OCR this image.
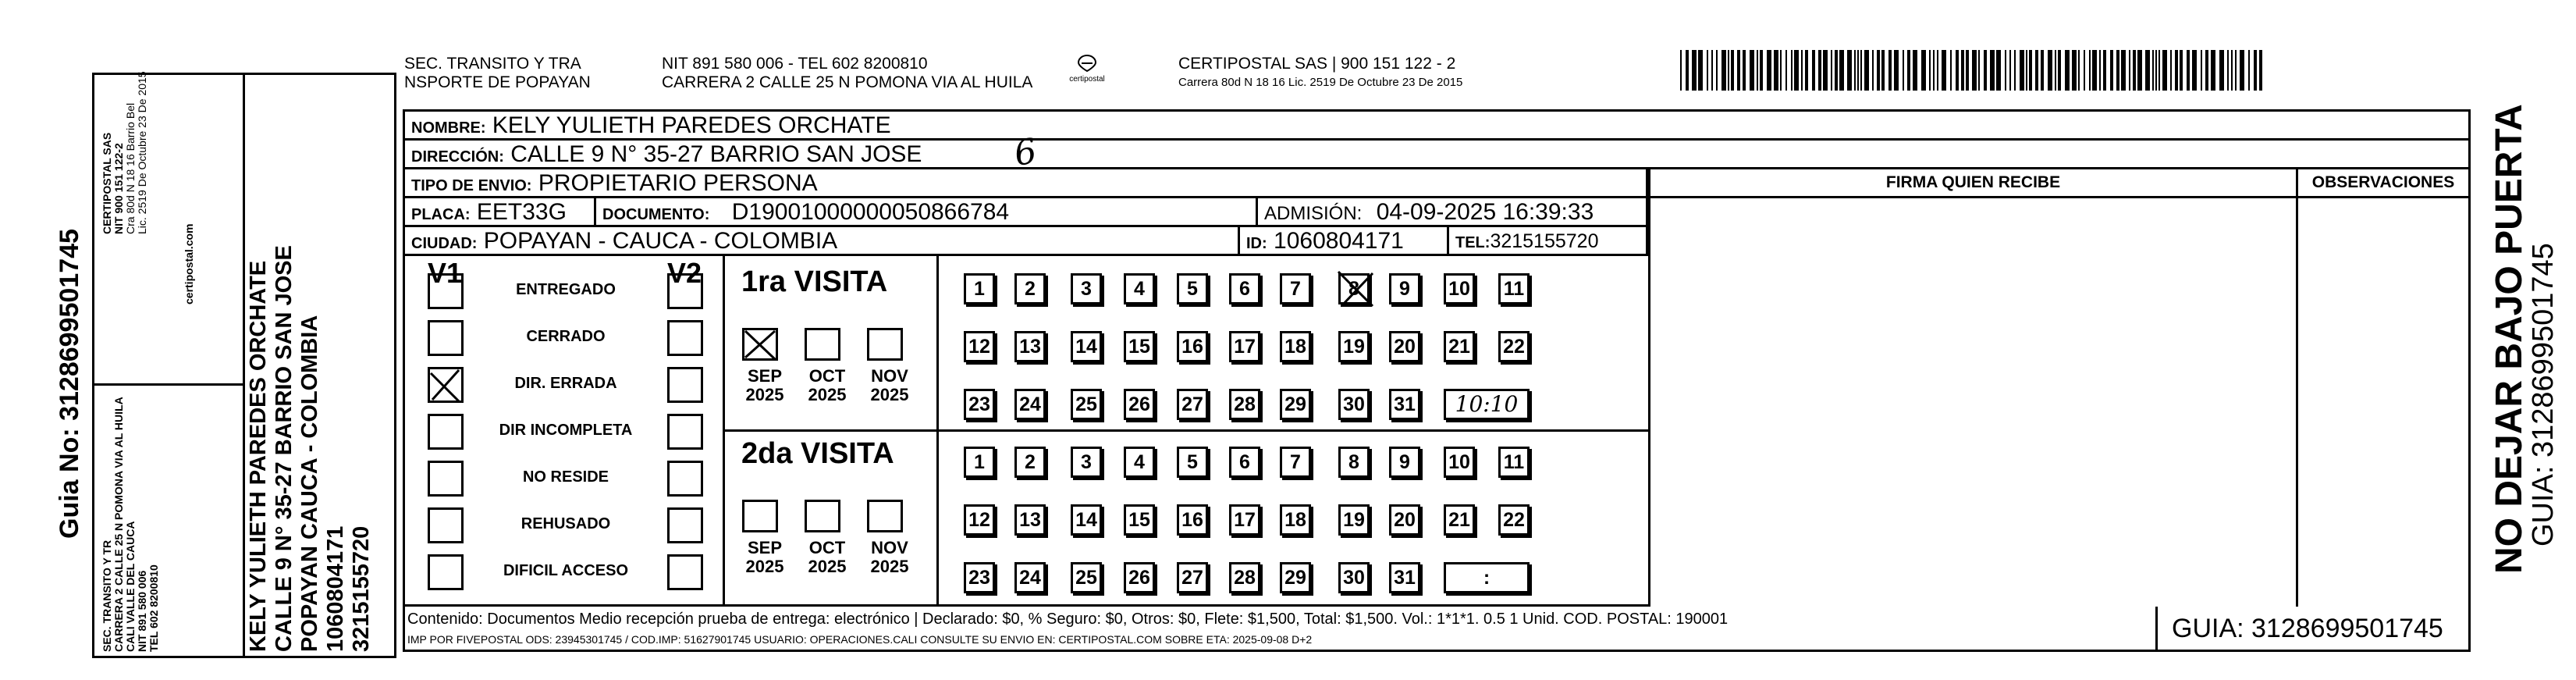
Guia No: 3128699501745
SEC. TRANSITO Y TR CARRERA 2 CALLE 25 N POMONA VIA AL HUILA CALI VALLE DEL CAUCA NIT 891 580 006 TEL 602 8200810
CERTIPOSTAL SAS NIT 900 151 122-2 Cra 80d N 18 16 Barrio Bel Lic. 2519 De Octubre 23 De 2015
certipostal.com KELY YULIETH PAREDES ORCHATE CALLE 9 N° 35-27 BARRIO SAN JOSE POPAYAN CAUCA - COLOMBIA 1060804171 3215155720
SEC. TRANSITO Y TRA
NSPORTE DE POPAYAN
NIT 891 580 006 - TEL 602 8200810
CARRERA 2 CALLE 25 N POMONA VIA AL HUILA	certipostal
CERTIPOSTAL SAS | 900 151 122 - 2
Carrera 80d N 18 16 Lic. 2519 De Octubre 23 De 2015
NOMBRE: KELY YULIETH PAREDES ORCHATE
DIRECCIÓN: CALLE 9 N° 35-27 BARRIO SAN JOSE	6
TIPO DE ENVIO: PROPIETARIO PERSONA
PLACA: EET33G	DOCUMENTO: D19001000000050866784	ADMISIÓN: 04-09-2025 16:39:33
CIUDAD: POPAYAN - CAUCA - COLOMBIA	ID: 1060804171	TEL:3215155720
FIRMA QUIEN RECIBE	OBSERVACIONES
V1	V2
ENTREGADO
CERRADO
DIR. ERRADA
DIR INCOMPLETA
NO RESIDE
REHUSADO
DIFICIL ACCESO
1ra VISITA
2da VISITA
SEP
2025
OCT
2025
NOV
2025
SEP
2025
OCT
2025
NOV
2025
1	2	3	4	5	6	7	8	9	10 11
12 13 14 15 16 17 18 19 20 21 22
23 24 25 26 27 28 29 30 31	10:10
1	2	3	4	5	6	7	8	9	10 11
12 13 14 15 16 17 18 19 20 21 22
23 24 25 26 27 28 29 30 31	:
Contenido: Documentos Medio recepción prueba de entrega: electrónico | Declarado: $0, % Seguro: $0, Otros: $0, Flete: $1,500, Total: $1,500. Vol.: 1*1*1. 0.5 1 Unid. COD. POSTAL: 190001
IMP POR FIVEPOSTAL ODS: 23945301745 / COD.IMP: 51627901745 USUARIO: OPERACIONES.CALI CONSULTE SU ENVIO EN: CERTIPOSTAL.COM SOBRE ETA: 2025-09-08 D+2	GUIA: 3128699501745
NO DEJAR BAJO PUERTA
GUIA: 3128699501745
